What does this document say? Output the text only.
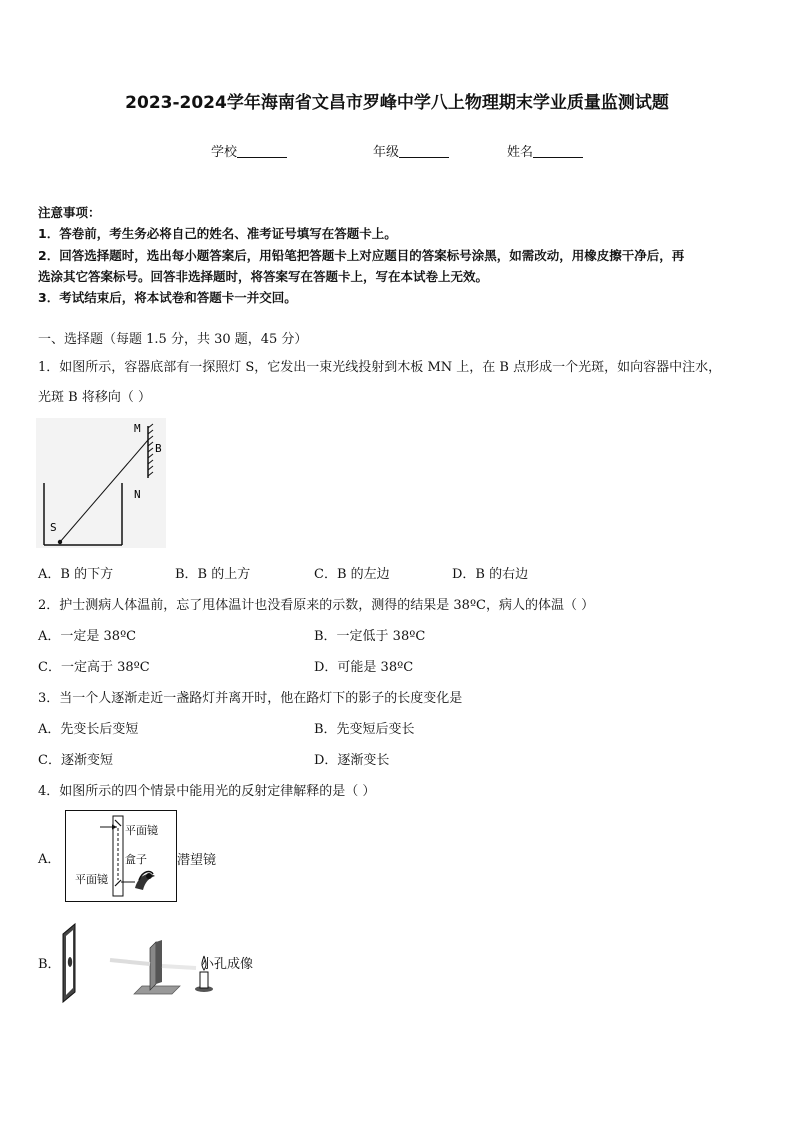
2023-2024学年海南省文昌市罗峰中学八上物理期末学业质量监测试题
学校	年级	姓名
注意事项：
1．答卷前，考生务必将自己的姓名、准考证号填写在答题卡上。
2．回答选择题时，选出每小题答案后，用铅笔把答题卡上对应题目的答案标号涂黑，如需改动，用橡皮擦干净后，再
选涂其它答案标号。回答非选择题时，将答案写在答题卡上，写在本试卷上无效。
3．考试结束后，将本试卷和答题卡一并交回。
一、选择题（每题 1.5 分，共 30 题，45 分）
1．如图所示，容器底部有一探照灯 S，它发出一束光线投射到木板 MN 上，在 B 点形成一个光斑，如向容器中注水，
光斑 B 将移向（ ）
M
B
N
S
A．B 的下方	B．B 的上方	C．B 的左边	D．B 的右边
2．护士测病人体温前，忘了甩体温计也没看原来的示数，测得的结果是 38ºC，病人的体温（ ）
A．一定是 38ºC	B．一定低于 38ºC
C．一定高于 38ºC	D．可能是 38ºC
3．当一个人逐渐走近一盏路灯并离开时，他在路灯下的影子的长度变化是
A．先变长后变短	B．先变短后变长
C．逐渐变短	D．逐渐变长
4．如图所示的四个情景中能用光的反射定律解释的是（ ）
A．
平面镜
盒子
平面镜
潜望镜
B．	小孔成像
